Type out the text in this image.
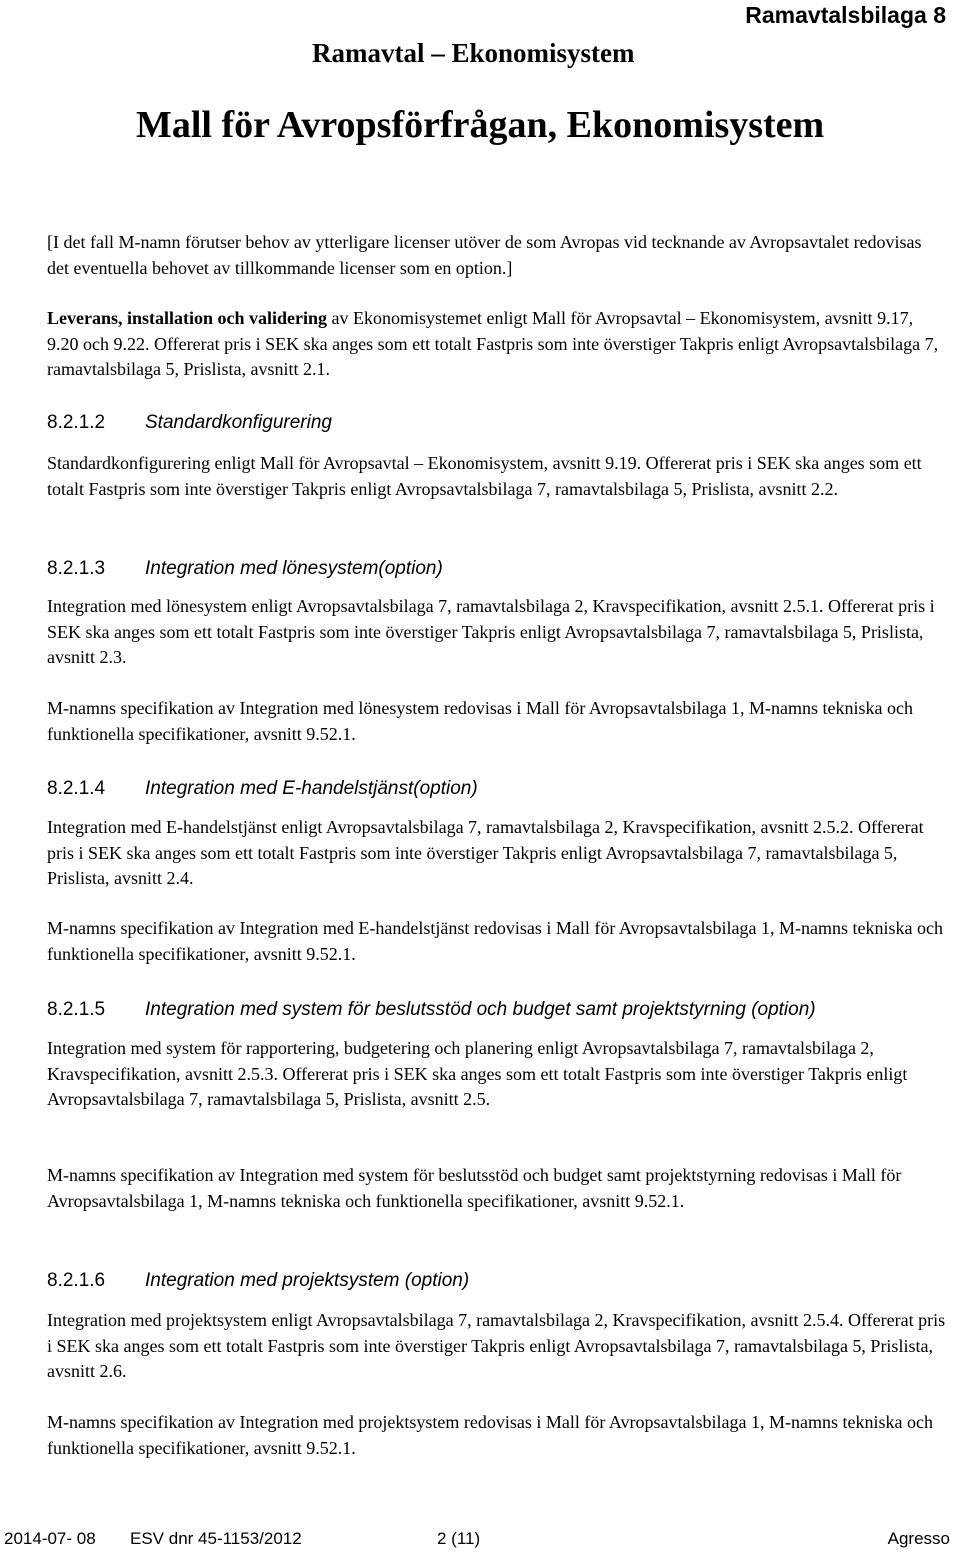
Ramavtalsbilaga 8
Ramavtal – Ekonomisystem
Mall för Avropsförfrågan, Ekonomisystem

[I det fall M-namn förutser behov av ytterligare licenser utöver de som Avropas vid tecknande av Avropsavtalet redovisas det eventuella behovet av tillkommande licenser som en option.]

Leverans, installation och validering av Ekonomisystemet enligt Mall för Avropsavtal – Ekonomisystem, avsnitt 9.17, 9.20 och 9.22. Offererat pris i SEK ska anges som ett totalt Fastpris som inte överstiger Takpris enligt Avropsavtalsbilaga 7, ramavtalsbilaga 5, Prislista, avsnitt 2.1.

8.2.1.2 Standardkonfigurering

Standardkonfigurering enligt Mall för Avropsavtal – Ekonomisystem, avsnitt 9.19. Offererat pris i SEK ska anges som ett totalt Fastpris som inte överstiger Takpris enligt Avropsavtalsbilaga 7, ramavtalsbilaga 5, Prislista, avsnitt 2.2.

8.2.1.3 Integration med lönesystem(option)

Integration med lönesystem enligt Avropsavtalsbilaga 7, ramavtalsbilaga 2, Kravspecifikation, avsnitt 2.5.1. Offererat pris i SEK ska anges som ett totalt Fastpris som inte överstiger Takpris enligt Avropsavtalsbilaga 7, ramavtalsbilaga 5, Prislista, avsnitt 2.3.

M-namns specifikation av Integration med lönesystem redovisas i Mall för Avropsavtalsbilaga 1, M-namns tekniska och funktionella specifikationer, avsnitt 9.52.1.

8.2.1.4 Integration med E-handelstjänst(option)

Integration med E-handelstjänst enligt Avropsavtalsbilaga 7, ramavtalsbilaga 2, Kravspecifikation, avsnitt 2.5.2. Offererat pris i SEK ska anges som ett totalt Fastpris som inte överstiger Takpris enligt Avropsavtalsbilaga 7, ramavtalsbilaga 5, Prislista, avsnitt 2.4.

M-namns specifikation av Integration med E-handelstjänst redovisas i Mall för Avropsavtalsbilaga 1, M-namns tekniska och funktionella specifikationer, avsnitt 9.52.1.

8.2.1.5 Integration med system för beslutsstöd och budget samt projektstyrning (option)

Integration med system för rapportering, budgetering och planering enligt Avropsavtalsbilaga 7, ramavtalsbilaga 2, Kravspecifikation, avsnitt 2.5.3. Offererat pris i SEK ska anges som ett totalt Fastpris som inte överstiger Takpris enligt Avropsavtalsbilaga 7, ramavtalsbilaga 5, Prislista, avsnitt 2.5.

M-namns specifikation av Integration med system för beslutsstöd och budget samt projektstyrning redovisas i Mall för Avropsavtalsbilaga 1, M-namns tekniska och funktionella specifikationer, avsnitt 9.52.1.

8.2.1.6 Integration med projektsystem (option)

Integration med projektsystem enligt Avropsavtalsbilaga 7, ramavtalsbilaga 2, Kravspecifikation, avsnitt 2.5.4. Offererat pris i SEK ska anges som ett totalt Fastpris som inte överstiger Takpris enligt Avropsavtalsbilaga 7, ramavtalsbilaga 5, Prislista, avsnitt 2.6.

M-namns specifikation av Integration med projektsystem redovisas i Mall för Avropsavtalsbilaga 1, M-namns tekniska och funktionella specifikationer, avsnitt 9.52.1.

2014-07- 08 ESV dnr 45-1153/2012	2 (11)	Agresso
